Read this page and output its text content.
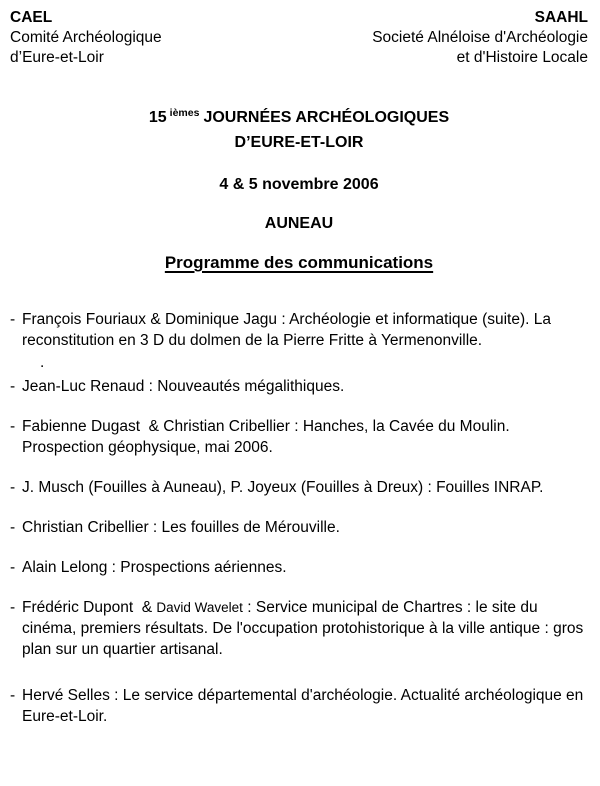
CAEL
Comité Archéologique
d’Eure-et-Loir
SAAHL
Societé Alnéloise d'Archéologie
et d'Histoire Locale
15 $^{ièmes}$ JOURNÉES ARCHÉOLOGIQUES
D’EURE-ET-LOIR
4 & 5 novembre 2006
AUNEAU
Programme des communications
- François Fouriaux & Dominique Jagu : Archéologie et informatique (suite). La reconstitution en 3 D du dolmen de la Pierre Fritte à Yermenonville.
.
- Jean-Luc Renaud : Nouveautés mégalithiques.
- Fabienne Dugast  & Christian Cribellier : Hanches, la Cavée du Moulin. Prospection géophysique, mai 2006.
- J. Musch (Fouilles à Auneau), P. Joyeux (Fouilles à Dreux) : Fouilles INRAP.
- Christian Cribellier : Les fouilles de Mérouville.
- Alain Lelong : Prospections aériennes.
- Frédéric Dupont  & David Wavelet : Service municipal de Chartres : le site du cinéma, premiers résultats. De l'occupation protohistorique à la ville antique : gros plan sur un quartier artisanal.
- Hervé Selles : Le service départemental d'archéologie. Actualité archéologique en Eure-et-Loir.
